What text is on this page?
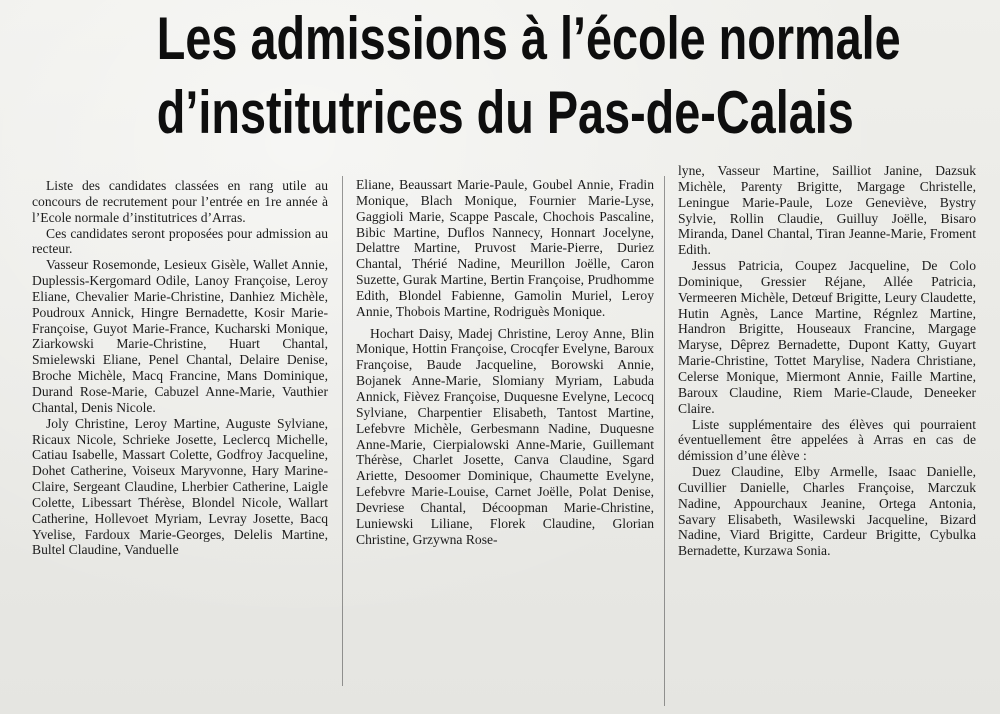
Les admissions à l’école normale
d’institutrices du Pas-de-Calais

Liste des candidates classées en rang utile au concours de recrutement pour l’entrée en 1re année à l’Ecole normale d’institutrices d’Arras.

Ces candidates seront proposées pour admission au recteur.

Vasseur Rosemonde, Lesieux Gisèle, Wallet Annie, Duplessis-Kergomard Odile, Lanoy Françoise, Leroy Eliane, Chevalier Marie-Christine, Danhiez Michèle, Poudroux Annick, Hingre Bernadette, Kosir Marie-Françoise, Guyot Marie-France, Kucharski Monique, Ziarkowski Marie-Christine, Huart Chantal, Smielewski Eliane, Penel Chantal, Delaire Denise, Broche Michèle, Macq Francine, Mans Dominique, Durand Rose-Marie, Cabuzel Anne-Marie, Vauthier Chantal, Denis Nicole.

Joly Christine, Leroy Martine, Auguste Sylviane, Ricaux Nicole, Schrieke Josette, Leclercq Michelle, Catiau Isabelle, Massart Colette, Godfroy Jacqueline, Dohet Catherine, Voiseux Maryvonne, Hary Marine-Claire, Sergeant Claudine, Lherbier Catherine, Laigle Colette, Libessart Thérèse, Blondel Nicole, Wallart Catherine, Hollevoet Myriam, Levray Josette, Bacq Yvelise, Fardoux Marie-Georges, Delelis Martine, Bultel Claudine, Vanduelle

Eliane, Beaussart Marie-Paule, Goubel Annie, Fradin Monique, Blach Monique, Fournier Marie-Lyse, Gaggioli Marie, Scappe Pascale, Chochois Pascaline, Bibic Martine, Duflos Nannecy, Honnart Jocelyne, Delattre Martine, Pruvost Marie-Pierre, Duriez Chantal, Thérié Nadine, Meurillon Joëlle, Caron Suzette, Gurak Martine, Bertin Françoise, Prudhomme Edith, Blondel Fabienne, Gamolin Muriel, Leroy Annie, Thobois Martine, Rodriguès Monique.

Hochart Daisy, Madej Christine, Leroy Anne, Blin Monique, Hottin Françoise, Crocqfer Evelyne, Baroux Françoise, Baude Jacqueline, Borowski Annie, Bojanek Anne-Marie, Slomiany Myriam, Labuda Annick, Fièvez Françoise, Duquesne Evelyne, Lecocq Sylviane, Charpentier Elisabeth, Tantost Martine, Lefebvre Michèle, Gerbesmann Nadine, Duquesne Anne-Marie, Cierpialowski Anne-Marie, Guillemant Thérèse, Charlet Josette, Canva Claudine, Sgard Ariette, Desoomer Dominique, Chaumette Evelyne, Lefebvre Marie-Louise, Carnet Joëlle, Polat Denise, Devriese Chantal, Décoopman Marie-Christine, Luniewski Liliane, Florek Claudine, Glorian Christine, Grzywna Rose-

lyne, Vasseur Martine, Sailliot Janine, Dazsuk Michèle, Parenty Brigitte, Margage Christelle, Leningue Marie-Paule, Loze Geneviève, Bystry Sylvie, Rollin Claudie, Guilluy Joëlle, Bisaro Miranda, Danel Chantal, Tiran Jeanne-Marie, Froment Edith.

Jessus Patricia, Coupez Jacqueline, De Colo Dominique, Gressier Réjane, Allée Patricia, Vermeeren Michèle, Detœuf Brigitte, Leury Claudette, Hutin Agnès, Lance Martine, Régnlez Martine, Handron Brigitte, Houseaux Francine, Margage Maryse, Dêprez Bernadette, Dupont Katty, Guyart Marie-Christine, Tottet Marylise, Nadera Christiane, Celerse Monique, Miermont Annie, Faille Martine, Baroux Claudine, Riem Marie-Claude, Deneeker Claire.

Liste supplémentaire des élèves qui pourraient éventuellement être appelées à Arras en cas de démission d’une élève :

Duez Claudine, Elby Armelle, Isaac Danielle, Cuvillier Danielle, Charles Françoise, Marczuk Nadine, Appourchaux Jeanine, Ortega Antonia, Savary Elisabeth, Wasilewski Jacqueline, Bizard Nadine, Viard Brigitte, Cardeur Brigitte, Cybulka Bernadette, Kurzawa Sonia.
